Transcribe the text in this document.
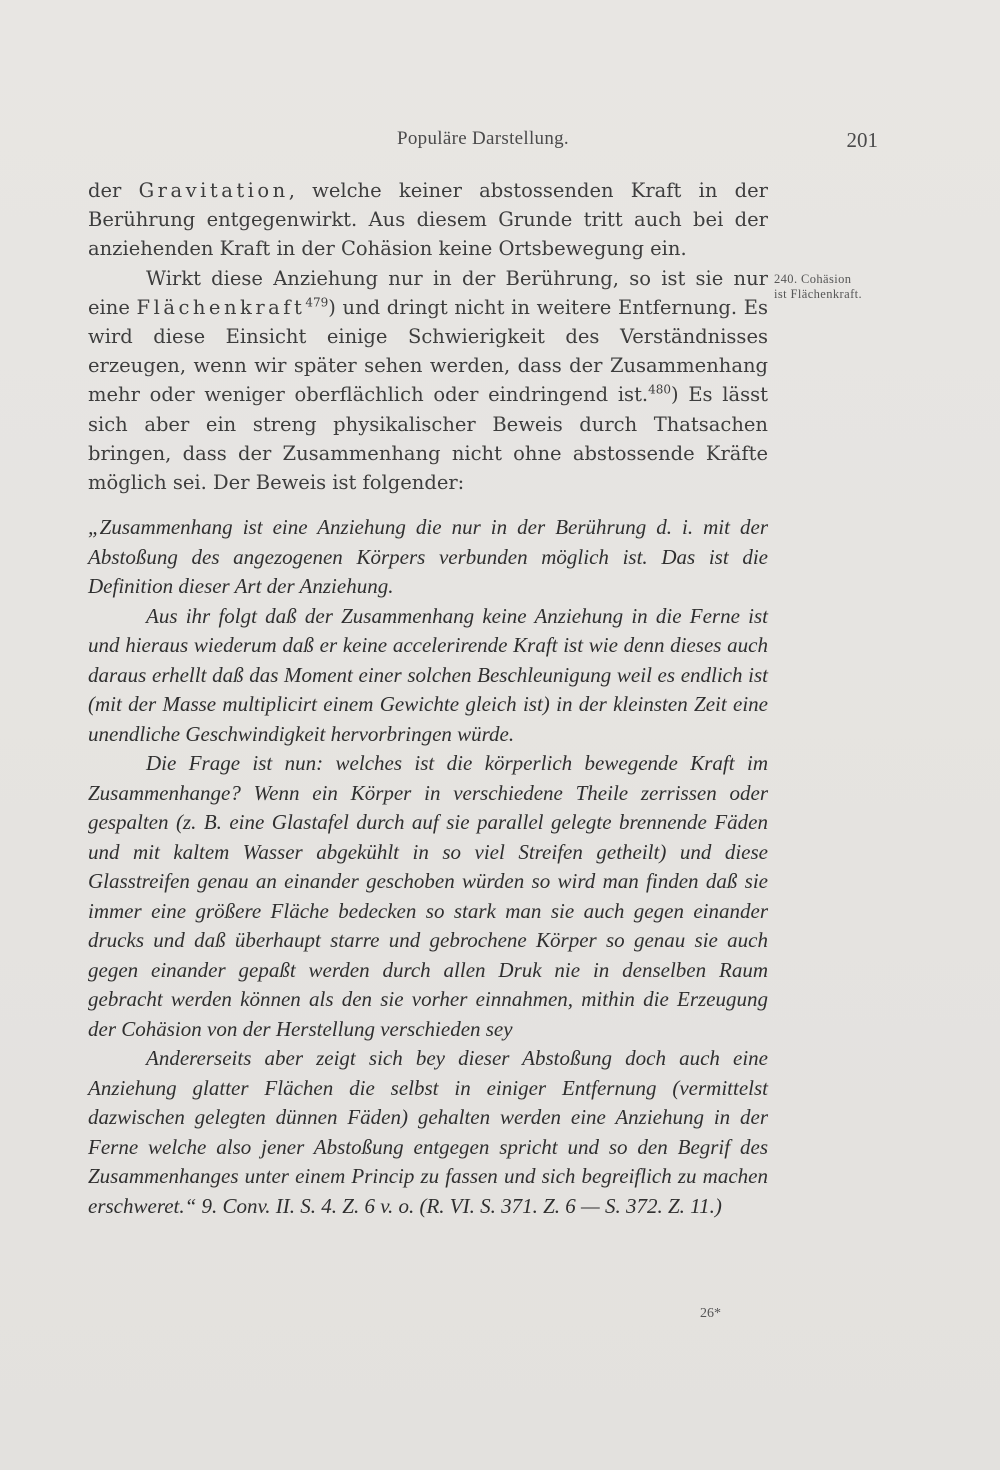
Populäre Darstellung.	201

der Gravitation, welche keiner abstossenden Kraft in der Berührung entgegenwirkt. Aus diesem Grunde tritt auch bei der anziehenden Kraft in der Cohäsion keine Ortsbewegung ein.

Wirkt diese Anziehung nur in der Berührung, so ist sie nur eine Flächenkraft$^{479}$) und dringt nicht in weitere Entfernung. Es wird diese Einsicht einige Schwierigkeit des Verständnisses erzeugen, wenn wir später sehen werden, dass der Zusammenhang mehr oder weniger oberflächlich oder eindringend ist.$^{480}$) Es lässt sich aber ein streng physikalischer Beweis durch Thatsachen bringen, dass der Zusammenhang nicht ohne abstossende Kräfte möglich sei. Der Beweis ist folgender:

„Zusammenhang ist eine Anziehung die nur in der Berührung d. i. mit der Abstoßung des angezogenen Körpers verbunden möglich ist. Das ist die Definition dieser Art der Anziehung.

Aus ihr folgt daß der Zusammenhang keine Anziehung in die Ferne ist und hieraus wiederum daß er keine accelerirende Kraft ist wie denn dieses auch daraus erhellt daß das Moment einer solchen Beschleunigung weil es endlich ist (mit der Masse multiplicirt einem Gewichte gleich ist) in der kleinsten Zeit eine unendliche Geschwindigkeit hervorbringen würde.

Die Frage ist nun: welches ist die körperlich bewegende Kraft im Zusammenhange? Wenn ein Körper in verschiedene Theile zerrissen oder gespalten (z. B. eine Glastafel durch auf sie parallel gelegte brennende Fäden und mit kaltem Wasser abgekühlt in so viel Streifen getheilt) und diese Glasstreifen genau an einander geschoben würden so wird man finden daß sie immer eine größere Fläche bedecken so stark man sie auch gegen einander drucks und daß überhaupt starre und gebrochene Körper so genau sie auch gegen einander gepaßt werden durch allen Druk nie in denselben Raum gebracht werden können als den sie vorher einnahmen, mithin die Erzeugung der Cohäsion von der Herstellung verschieden sey

Andererseits aber zeigt sich bey dieser Abstoßung doch auch eine Anziehung glatter Flächen die selbst in einiger Entfernung (vermittelst dazwischen gelegten dünnen Fäden) gehalten werden eine Anziehung in der Ferne welche also jener Abstoßung entgegen spricht und so den Begrif des Zusammenhanges unter einem Princip zu fassen und sich begreiflich zu machen erschweret.“ 9. Conv. II. S. 4. Z. 6 v. o. (R. VI. S. 371. Z. 6 — S. 372. Z. 11.)

240. Cohäsion
ist Flächenkraft.
26*
